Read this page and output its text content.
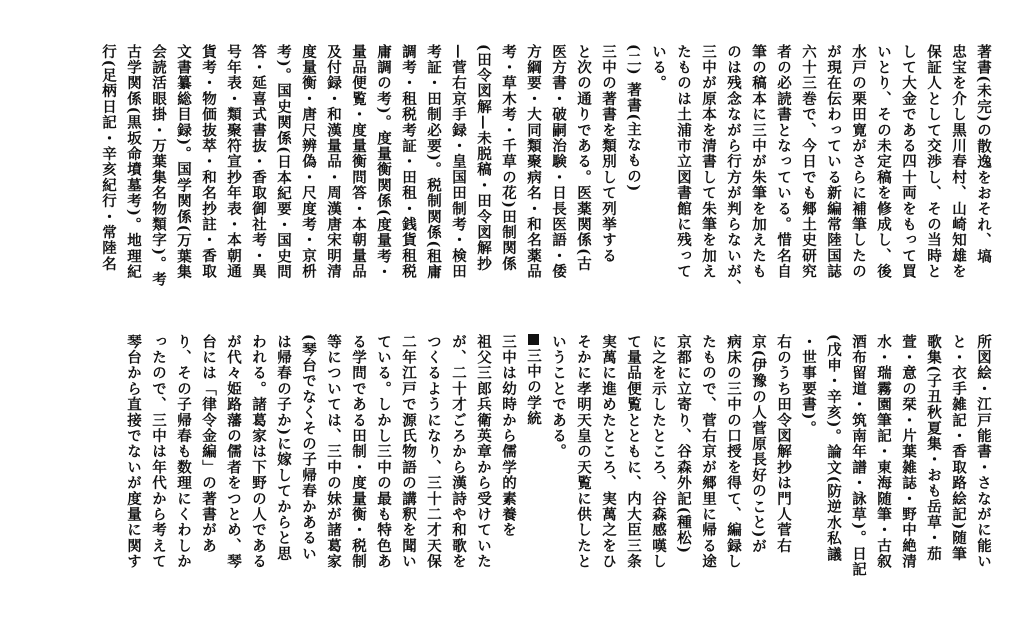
所図絵・江戸能書・さながに能い
と・衣手雑記・香取路絵記)随筆
歌集(子丑秋夏集・おも岳草・茄
萱・意の栞・片葉雑誌・野中絶清
水・瑞霧園筆記・東海随筆・古叙
酒布留道・筑南年譜・詠草)。日記
(戊申・辛亥)。論文(防逆水私議
・世事要書)。
右のうち田令図解抄は門人菅右
京(伊豫の人菅原長好のこと)が
病床の三中の口授を得て、編録し
たもので、菅右京が郷里に帰る途
京都に立寄り、谷森外記(種松)
に之を示したところ、谷森感嘆し
て量品便覧とともに、内大臣三条
実萬に進めたところ、実萬之をひ
そかに孝明天皇の天覧に供したと
いうことである。
三中の学統
三中は幼時から儒学的素養を
祖父三郎兵衛英章から受けていた
が、二十才ごろから漢詩や和歌を
つくるようになり、三十二才天保
二年江戸で源氏物語の講釈を聞い
ている。しかし三中の最も特色あ
る学問である田制・度量衡・税制
等については、三中の妹が諸葛家
(琴台でなくその子帰春かあるい
は帰春の子か)に嫁してからと思
われる。諸葛家は下野の人である
が代々姫路藩の儒者をつとめ、琴
台には「律令金編」の著書があ
り、その子帰春も数理にくわしか
ったので、三中は年代から考えて
琴台から直接でないが度量に関す
著書(未完)の散逸をおそれ、塙
忠宝を介し黒川春村、山崎知雄を
保証人として交渉し、その当時と
して大金である四十両をもって買
いとり、その未定稿を修成し、後
水戸の栗田寛がさらに補筆したの
が現在伝わっている新編常陸国誌
六十三巻で、今日でも郷土史研究
者の必読書となっている。惜名自
筆の稿本に三中が朱筆を加えたも
のは残念ながら行方が判らないが、
三中が原本を清書して朱筆を加え
たものは土浦市立図書館に残って
いる。
(二) 著書(主なもの)
三中の著書を類別して列挙する
と次の通りである。医薬関係(古
医方書・破嗣治験・日長医語・倭
方綱要・大同類聚病名・和名薬品
考・草木考・千草の花)田制関係
(田令図解—未脱稿・田令図解抄
—菅右京手録・皇国田制考・検田
考証・田制必要)。税制関係(租庸
調考・租税考証・田租・銭貨租税
庸調の考)。度量衡関係(度量考・
量品便覧・度量衡問答・本朝量品
及付録・和漢量品・周漢唐宋明清
度量衡・唐尺辨偽・尺度考・京枡
考)。国史関係(日本紀要・国史問
答・延喜式書抜・香取御社考・異
号年表・類聚符宣抄年表・本朝通
貨考・物価抜萃・和名抄註・香取
文書纂総目録)。国学関係(万葉集
会読活眼掛・万葉集名物類字)。考
古学関係(黒坂命墳墓考)。地理紀
行(足柄日記・辛亥紀行・常陸名
